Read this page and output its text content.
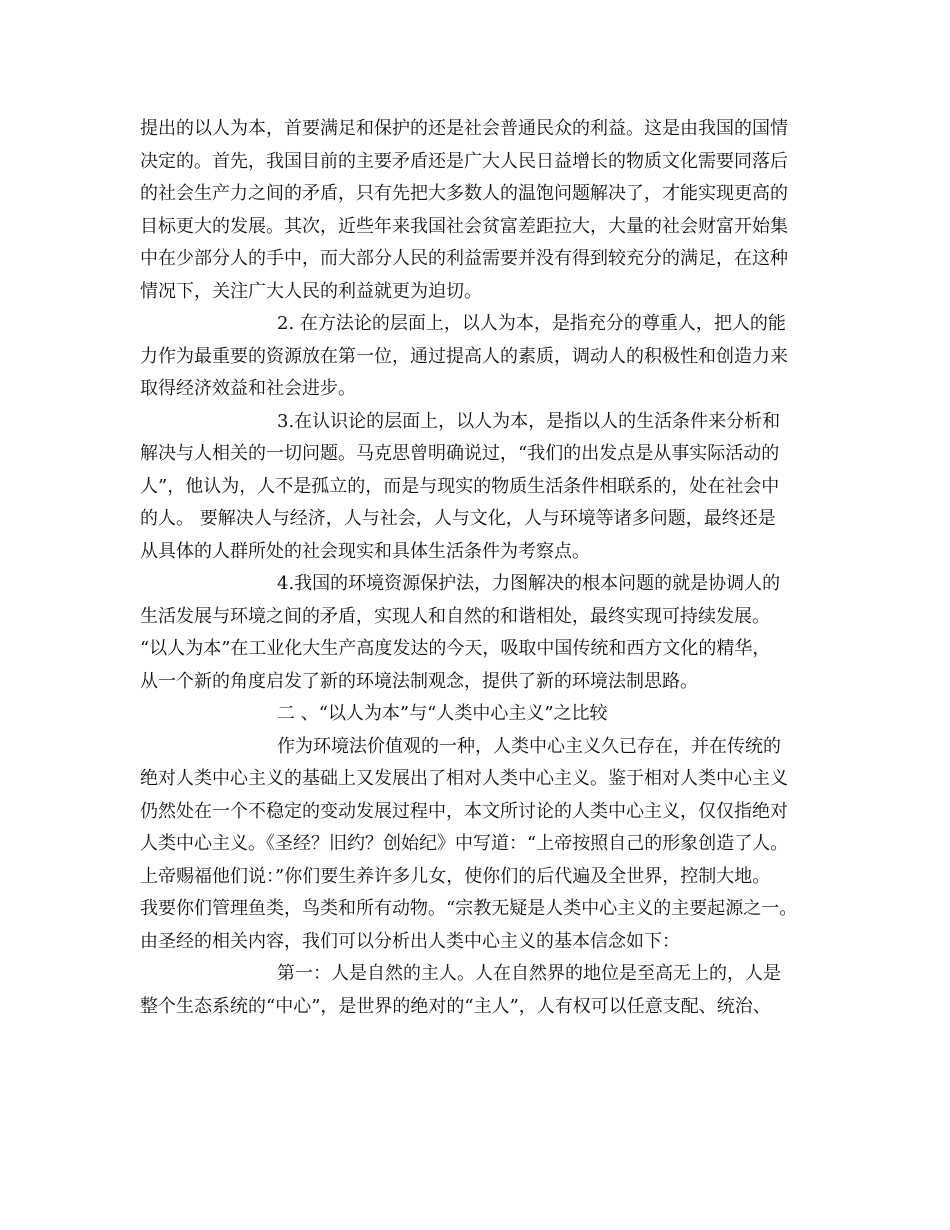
提出的以人为本，首要满足和保护的还是社会普通民众的利益。这是由我国的国情
决定的。首先，我国目前的主要矛盾还是广大人民日益增长的物质文化需要同落后
的社会生产力之间的矛盾，只有先把大多数人的温饱问题解决了，才能实现更高的
目标更大的发展。其次，近些年来我国社会贫富差距拉大，大量的社会财富开始集
中在少部分人的手中，而大部分人民的利益需要并没有得到较充分的满足，在这种
情况下，关注广大人民的利益就更为迫切。
2. 在方法论的层面上，以人为本，是指充分的尊重人，把人的能
力作为最重要的资源放在第一位，通过提高人的素质，调动人的积极性和创造力来
取得经济效益和社会进步。
3.在认识论的层面上，以人为本，是指以人的生活条件来分析和
解决与人相关的一切问题。马克思曾明确说过，“我们的出发点是从事实际活动的
人”，他认为，人不是孤立的，而是与现实的物质生活条件相联系的，处在社会中
的人。 要解决人与经济，人与社会，人与文化，人与环境等诸多问题，最终还是
从具体的人群所处的社会现实和具体生活条件为考察点。
4.我国的环境资源保护法，力图解决的根本问题的就是协调人的
生活发展与环境之间的矛盾，实现人和自然的和谐相处，最终实现可持续发展。
“以人为本”在工业化大生产高度发达的今天，吸取中国传统和西方文化的精华，
从一个新的角度启发了新的环境法制观念，提供了新的环境法制思路。
二 、“以人为本”与“人类中心主义”之比较
作为环境法价值观的一种，人类中心主义久已存在，并在传统的
绝对人类中心主义的基础上又发展出了相对人类中心主义。鉴于相对人类中心主义
仍然处在一个不稳定的变动发展过程中，本文所讨论的人类中心主义，仅仅指绝对
人类中心主义。《圣经？旧约？创始纪》中写道：“上帝按照自己的形象创造了人。
上帝赐福他们说：”你们要生养许多儿女，使你们的后代遍及全世界，控制大地。
我要你们管理鱼类，鸟类和所有动物。“宗教无疑是人类中心主义的主要起源之一。
由圣经的相关内容，我们可以分析出人类中心主义的基本信念如下：
第一：人是自然的主人。人在自然界的地位是至高无上的，人是
整个生态系统的“中心”，是世界的绝对的“主人”，人有权可以任意支配、统治、
